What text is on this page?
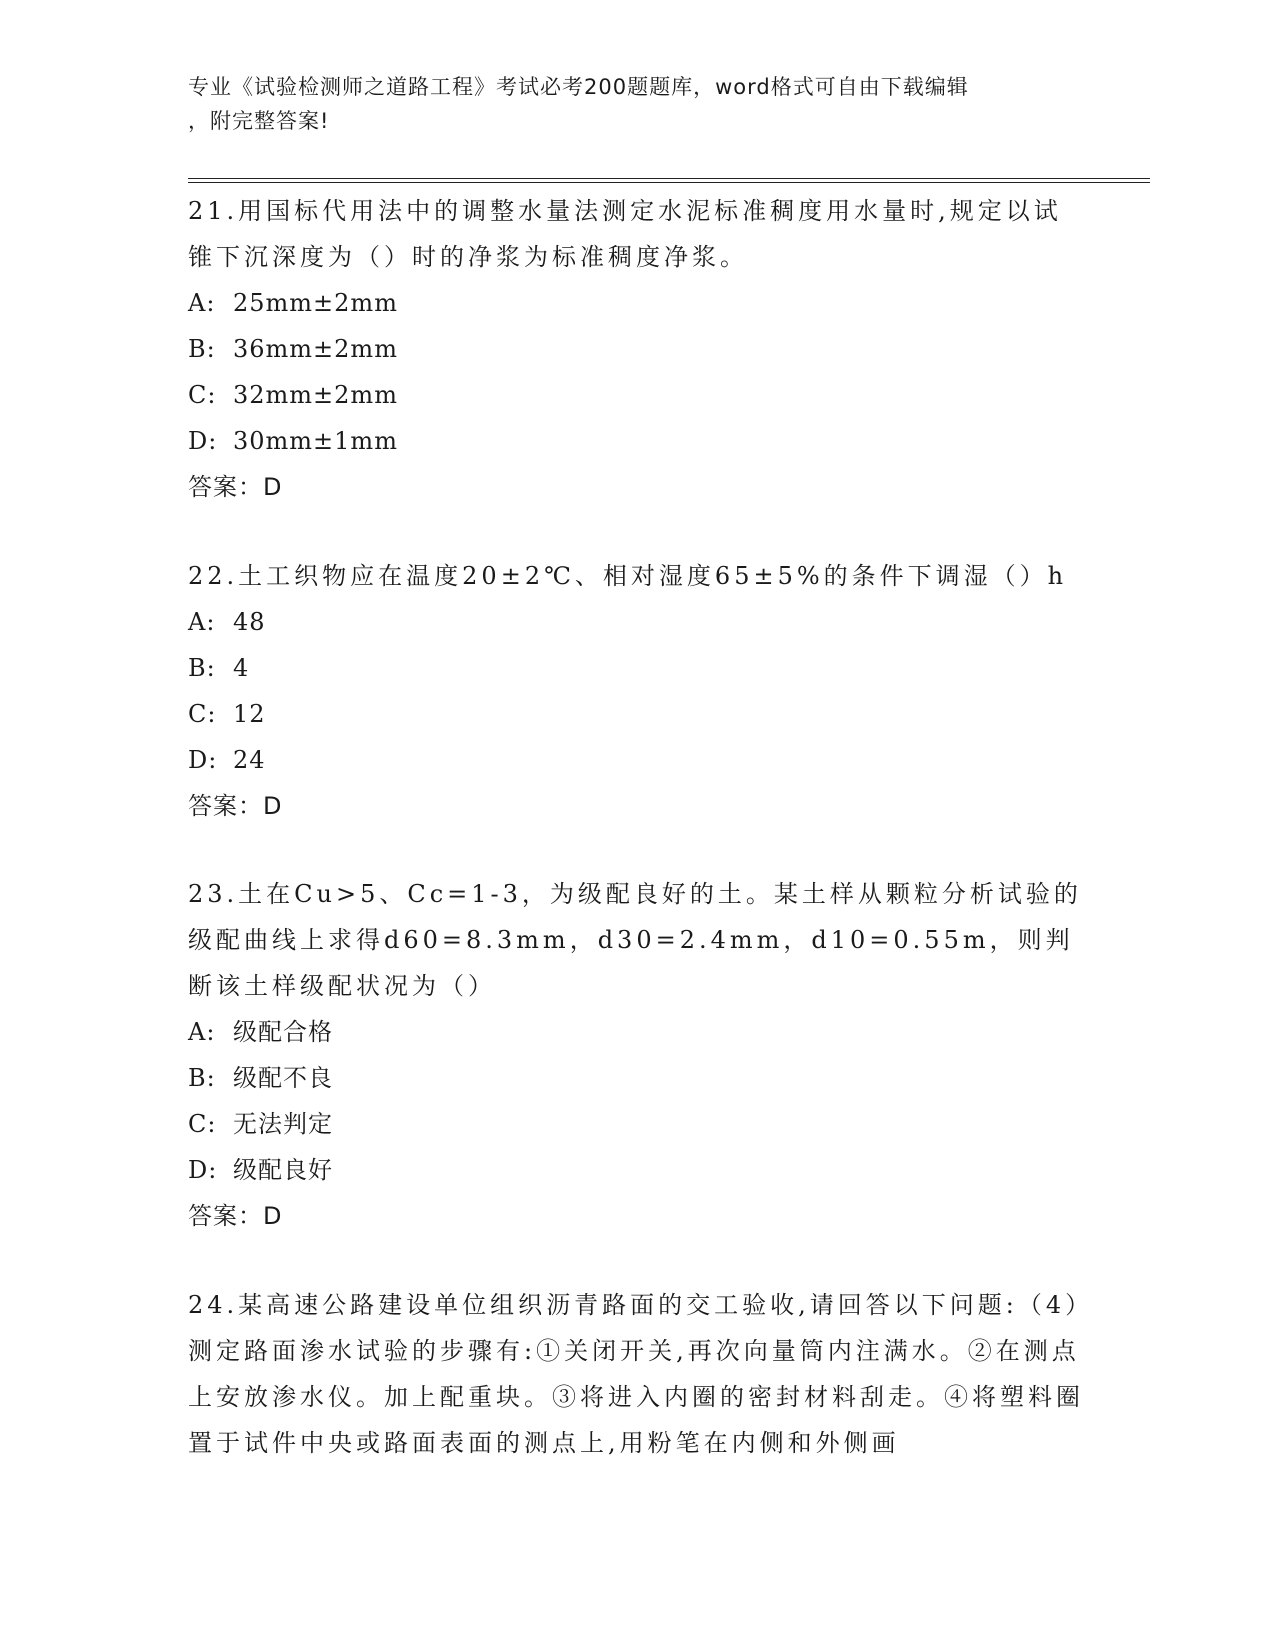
专业《试验检测师之道路工程》考试必考200题题库，word格式可自由下载编辑
，附完整答案!

21.用国标代用法中的调整水量法测定水泥标准稠度用水量时,规定以试锥下沉深度为（）时的净浆为标准稠度净浆。

A: 25mm±2mm
B: 36mm±2mm
C: 32mm±2mm
D: 30mm±1mm
答案：D

22.土工织物应在温度20±2℃、相对湿度65±5%的条件下调湿（）h

A: 48
B: 4
C: 12
D: 24
答案：D

23.土在Cu>5、Cc=1-3，为级配良好的土。某土样从颗粒分析试验的级配曲线上求得d60=8.3mm，d30=2.4mm，d10=0.55m，则判断该土样级配状况为（）

A: 级配合格
B: 级配不良
C: 无法判定
D: 级配良好
答案：D

24.某高速公路建设单位组织沥青路面的交工验收,请回答以下问题:（4）测定路面渗水试验的步骤有:①关闭开关,再次向量筒内注满水。②在测点上安放渗水仪。加上配重块。③将进入内圈的密封材料刮走。④将塑料圈置于试件中央或路面表面的测点上,用粉笔在内侧和外侧画
